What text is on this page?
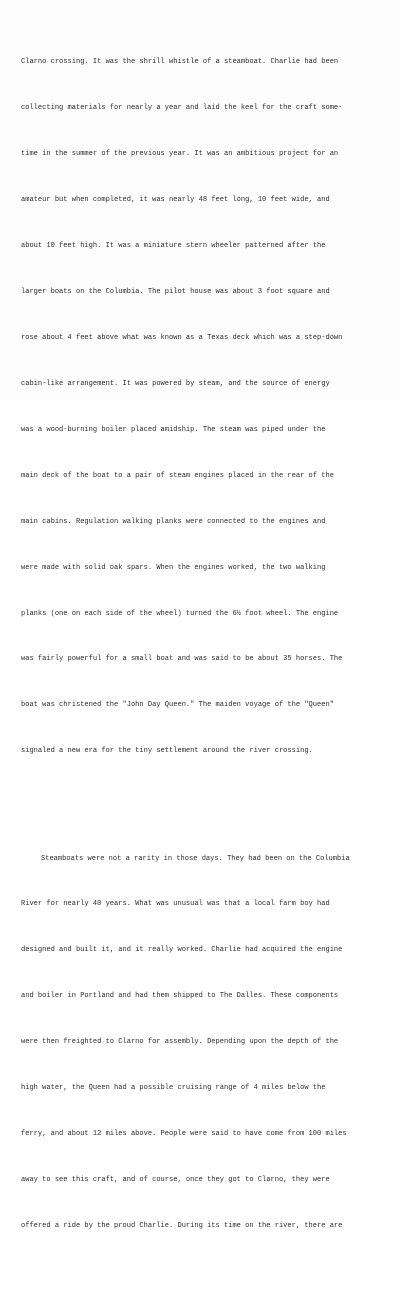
Clarno crossing. It was the shrill whistle of a steamboat. Charlie had been

collecting materials for nearly a year and laid the keel for the craft some-

time in the summer of the previous year. It was an ambitious project for an

amateur but when completed, it was nearly 48 feet long, 10 feet wide, and

about 10 feet high. It was a miniature stern wheeler patterned after the

larger boats on the Columbia. The pilot house was about 3 foot square and

rose about 4 feet above what was known as a Texas deck which was a step-down

cabin-like arrangement. It was powered by steam, and the source of energy

was a wood-burning boiler placed amidship. The steam was piped under the

main deck of the boat to a pair of steam engines placed in the rear of the

main cabins. Regulation walking planks were connected to the engines and

were made with solid oak spars. When the engines worked, the two walking

planks (one on each side of the wheel) turned the 6½ foot wheel. The engine

was fairly powerful for a small boat and was said to be about 35 horses. The

boat was christened the "John Day Queen." The maiden voyage of the "Queen"

signaled a new era for the tiny settlement around the river crossing.

Steamboats were not a rarity in those days. They had been on the Columbia

River for nearly 40 years. What was unusual was that a local farm boy had

designed and built it, and it really worked. Charlie had acquired the engine

and boiler in Portland and had them shipped to The Dalles. These components

were then freighted to Clarno for assembly. Depending upon the depth of the

high water, the Queen had a possible cruising range of 4 miles below the

ferry, and about 12 miles above. People were said to have come from 100 miles

away to see this craft, and of course, once they got to Clarno, they were

offered a ride by the proud Charlie. During its time on the river, there are
